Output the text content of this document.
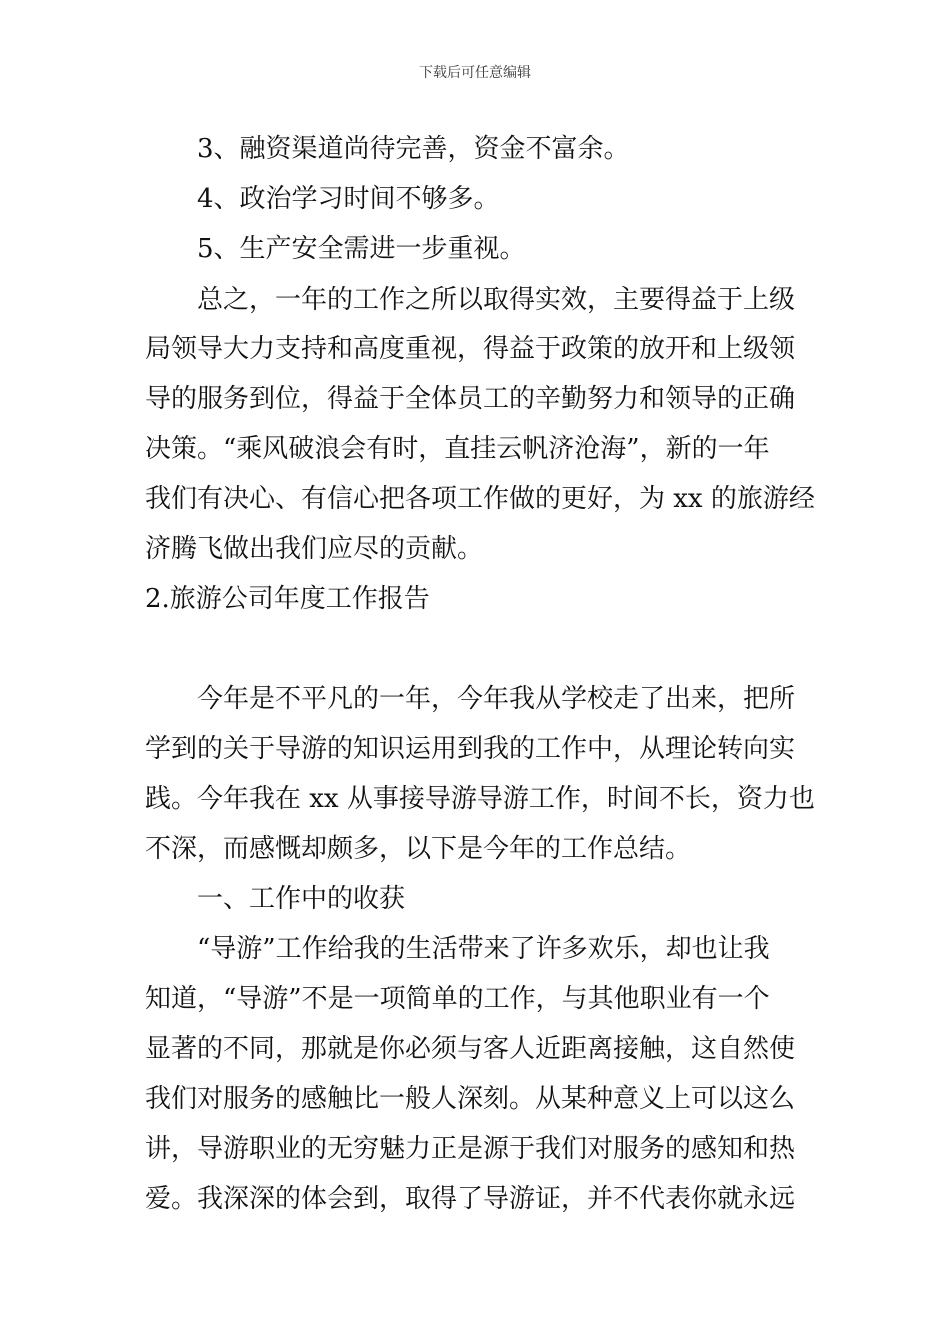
下载后可任意编辑
3、融资渠道尚待完善，资金不富余。
4、政治学习时间不够多。
5、生产安全需进一步重视。
总之，一年的工作之所以取得实效，主要得益于上级
局领导大力支持和高度重视，得益于政策的放开和上级领
导的服务到位，得益于全体员工的辛勤努力和领导的正确
决策。“乘风破浪会有时，直挂云帆济沧海”，新的一年
我们有决心、有信心把各项工作做的更好，为 xx 的旅游经
济腾飞做出我们应尽的贡献。
2.旅游公司年度工作报告
今年是不平凡的一年，今年我从学校走了出来，把所
学到的关于导游的知识运用到我的工作中，从理论转向实
践。今年我在 xx 从事接导游导游工作，时间不长，资力也
不深，而感慨却颇多，以下是今年的工作总结。
一、工作中的收获
“导游”工作给我的生活带来了许多欢乐，却也让我
知道，“导游”不是一项简单的工作，与其他职业有一个
显著的不同，那就是你必须与客人近距离接触，这自然使
我们对服务的感触比一般人深刻。从某种意义上可以这么
讲，导游职业的无穷魅力正是源于我们对服务的感知和热
爱。我深深的体会到，取得了导游证，并不代表你就永远
